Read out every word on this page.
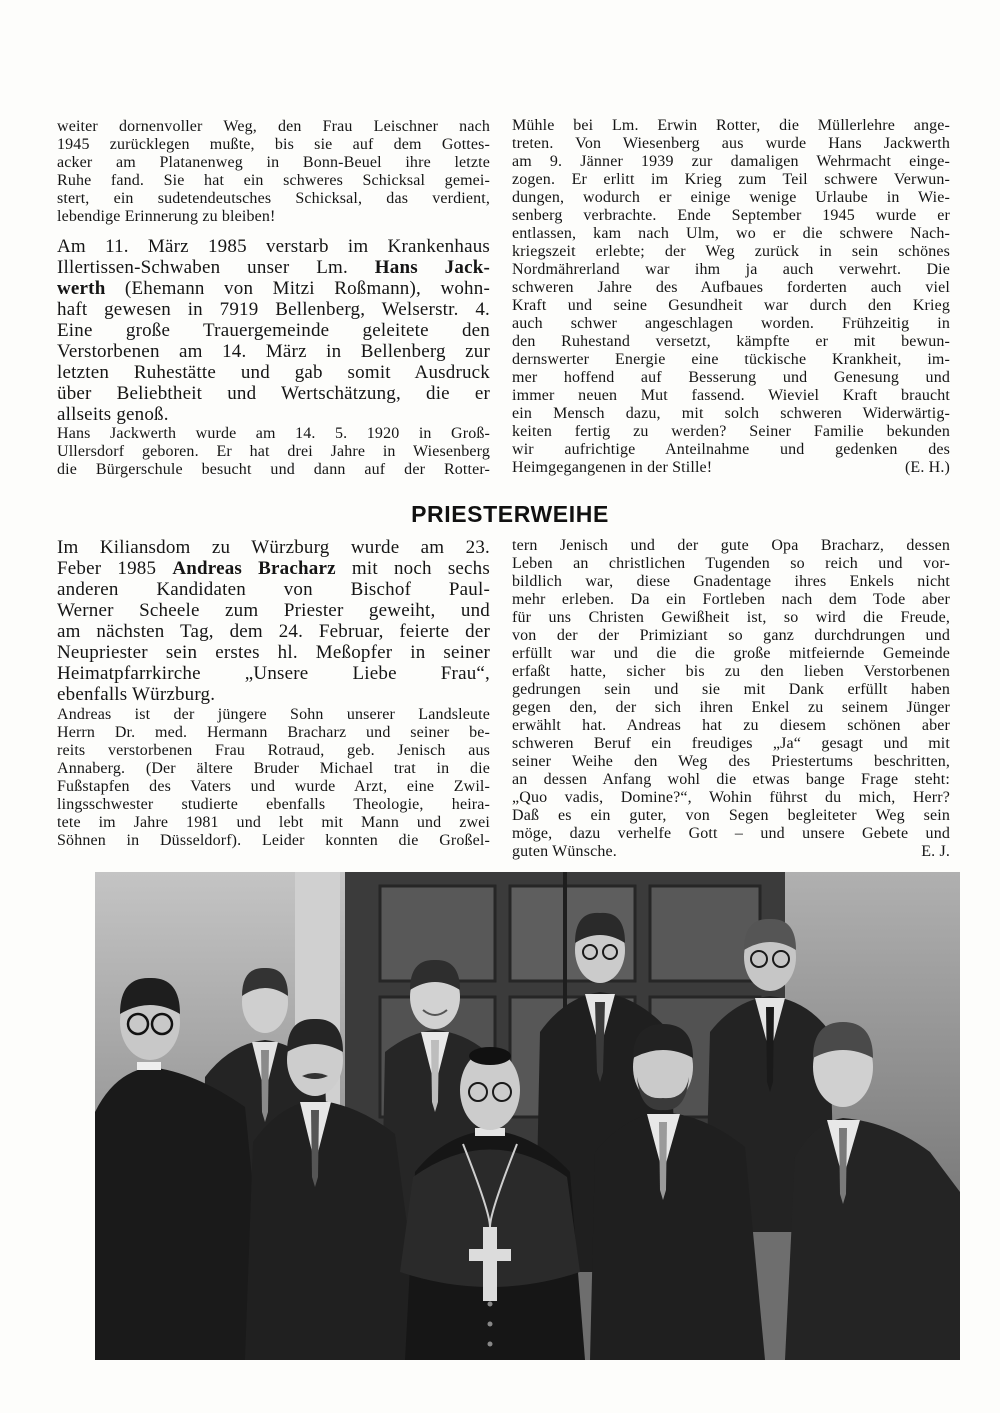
weiter dornenvoller Weg, den Frau Leischner nach
1945 zurücklegen mußte, bis sie auf dem Gottes-
acker am Platanenweg in Bonn-Beuel ihre letzte
Ruhe fand. Sie hat ein schweres Schicksal gemei-
stert, ein sudetendeutsches Schicksal, das verdient,
lebendige Erinnerung zu bleiben!
Am 11. März 1985 verstarb im Krankenhaus
Illertissen-Schwaben unser Lm. Hans Jack-
werth (Ehemann von Mitzi Roßmann), wohn-
haft gewesen in 7919 Bellenberg, Welserstr. 4.
Eine große Trauergemeinde geleitete den
Verstorbenen am 14. März in Bellenberg zur
letzten Ruhestätte und gab somit Ausdruck
über Beliebtheit und Wertschätzung, die er
allseits genoß.
Hans Jackwerth wurde am 14. 5. 1920 in Groß-
Ullersdorf geboren. Er hat drei Jahre in Wiesenberg
die Bürgerschule besucht und dann auf der Rotter-	(E. H.)
Mühle bei Lm. Erwin Rotter, die Müllerlehre ange-
treten. Von Wiesenberg aus wurde Hans Jackwerth
am 9. Jänner 1939 zur damaligen Wehrmacht einge-
zogen. Er erlitt im Krieg zum Teil schwere Verwun-
dungen, wodurch er einige wenige Urlaube in Wie-
senberg verbrachte. Ende September 1945 wurde er
entlassen, kam nach Ulm, wo er die schwere Nach-
kriegszeit erlebte; der Weg zurück in sein schönes
Nordmährerland war ihm ja auch verwehrt. Die
schweren Jahre des Aufbaues forderten auch viel
Kraft und seine Gesundheit war durch den Krieg
auch schwer angeschlagen worden. Frühzeitig in
den Ruhestand versetzt, kämpfte er mit bewun-
dernswerter Energie eine tückische Krankheit, im-
mer hoffend auf Besserung und Genesung und
immer neuen Mut fassend. Wieviel Kraft braucht
ein Mensch dazu, mit solch schweren Widerwärtig-
keiten fertig zu werden? Seiner Familie bekunden
wir aufrichtige Anteilnahme und gedenken des
Heimgegangenen in der Stille!
PRIESTERWEIHE
Im Kiliansdom zu Würzburg wurde am 23.
Feber 1985 Andreas Bracharz mit noch sechs
anderen Kandidaten von Bischof Paul-
Werner Scheele zum Priester geweiht, und
am nächsten Tag, dem 24. Februar, feierte der
Neupriester sein erstes hl. Meßopfer in seiner
Heimatpfarrkirche „Unsere Liebe Frau“,
ebenfalls Würzburg.
Andreas ist der jüngere Sohn unserer Landsleute
Herrn Dr. med. Hermann Bracharz und seiner be-
reits verstorbenen Frau Rotraud, geb. Jenisch aus
Annaberg. (Der ältere Bruder Michael trat in die
Fußstapfen des Vaters und wurde Arzt, eine Zwil-
lingsschwester studierte ebenfalls Theologie, heira-
tete im Jahre 1981 und lebt mit Mann und zwei
Söhnen in Düsseldorf). Leider konnten die Großel-
E. J.
tern Jenisch und der gute Opa Bracharz, dessen
Leben an christlichen Tugenden so reich und vor-
bildlich war, diese Gnadentage ihres Enkels nicht
mehr erleben. Da ein Fortleben nach dem Tode aber
für uns Christen Gewißheit ist, so wird die Freude,
von der der Primiziant so ganz durchdrungen und
erfüllt war und die die große mitfeiernde Gemeinde
erfaßt hatte, sicher bis zu den lieben Verstorbenen
gedrungen sein und sie mit Dank erfüllt haben
gegen den, der sich ihren Enkel zu seinem Jünger
erwählt hat. Andreas hat zu diesem schönen aber
schweren Beruf ein freudiges „Ja“ gesagt und mit
seiner Weihe den Weg des Priestertums beschritten,
an dessen Anfang wohl die etwas bange Frage steht:
„Quo vadis, Domine?“, Wohin führst du mich, Herr?
Daß es ein guter, von Segen begleiteter Weg sein
möge, dazu verhelfe Gott – und unsere Gebete und
guten Wünsche.
